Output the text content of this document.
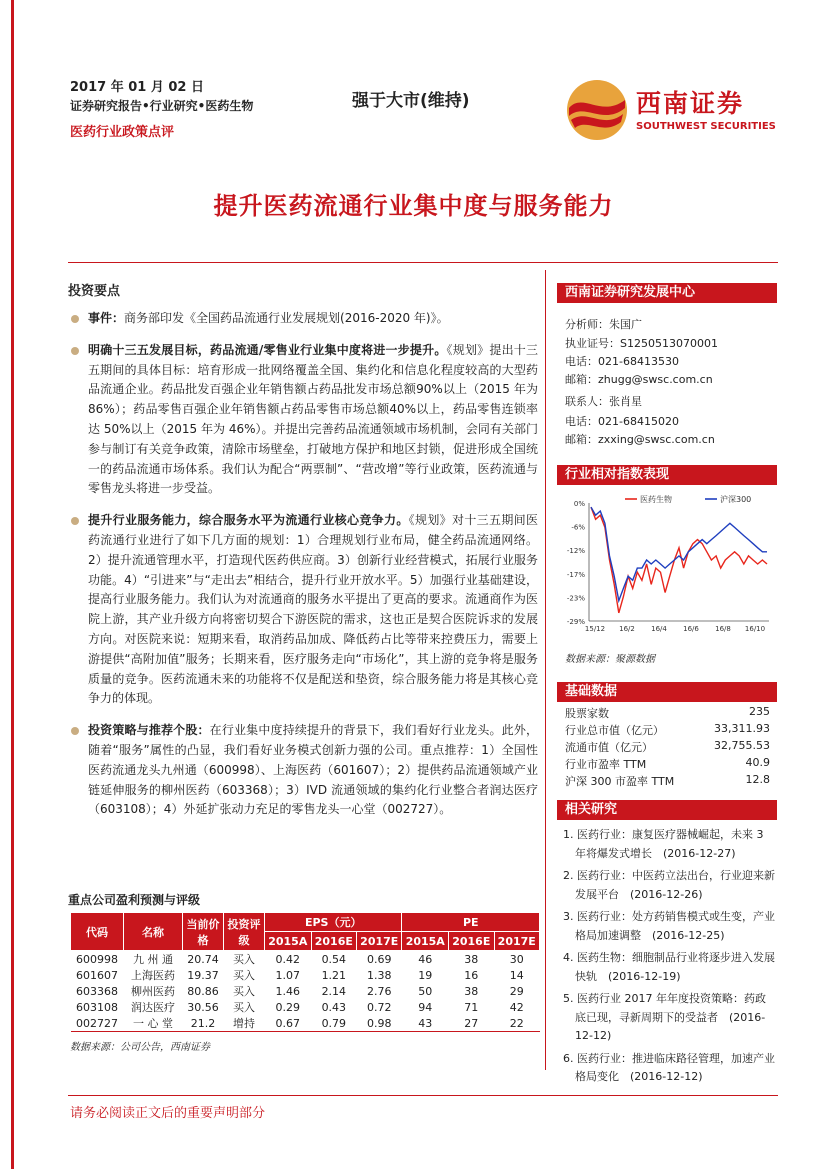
2017 年 01 月 02 日
证券研究报告•行业研究•医药生物
医药行业政策点评
强于大市(维持)	西南证券
SOUTHWEST SECURITIES
提升医药流通行业集中度与服务能力
投资要点
事件：商务部印发《全国药品流通行业发展规划(2016-2020 年)》。
明确十三五发展目标，药品流通/零售业行业集中度将进一步提升。《规划》提出十三五期间的具体目标：培育形成一批网络覆盖全国、集约化和信息化程度较高的大型药品流通企业。药品批发百强企业年销售额占药品批发市场总额90%以上（2015 年为 86%）；药品零售百强企业年销售额占药品零售市场总额40%以上，药品零售连锁率达 50%以上（2015 年为 46%）。并提出完善药品流通领域市场机制，会同有关部门参与制订有关竞争政策，清除市场壁垒，打破地方保护和地区封锁，促进形成全国统一的药品流通市场体系。我们认为配合“两票制”、“营改增”等行业政策，医药流通与零售龙头将进一步受益。
提升行业服务能力，综合服务水平为流通行业核心竞争力。《规划》对十三五期间医药流通行业进行了如下几方面的规划：1）合理规划行业布局，健全药品流通网络。2）提升流通管理水平，打造现代医药供应商。3）创新行业经营模式，拓展行业服务功能。4）“引进来”与“走出去”相结合，提升行业开放水平。5）加强行业基础建设，提高行业服务能力。我们认为对流通商的服务水平提出了更高的要求。流通商作为医院上游，其产业升级方向将密切契合下游医院的需求，这也正是契合医院诉求的发展方向。对医院来说：短期来看，取消药品加成、降低药占比等带来控费压力，需要上游提供“高附加值”服务；长期来看，医疗服务走向“市场化”，其上游的竞争将是服务质量的竞争。医药流通未来的功能将不仅是配送和垫资，综合服务能力将是其核心竞争力的体现。
投资策略与推荐个股：在行业集中度持续提升的背景下，我们看好行业龙头。此外，随着“服务”属性的凸显，我们看好业务模式创新力强的公司。重点推荐：1）全国性医药流通龙头九州通（600998）、上海医药（601607）；2）提供药品流通领域产业链延伸服务的柳州医药（603368）；3）IVD 流通领域的集约化行业整合者润达医疗（603108）；4）外延扩张动力充足的零售龙头一心堂（002727）。
重点公司盈利预测与评级
代码	名称	当前价格	投资评级	EPS（元）			PE		
				2015A	2016E	2017E	2015A	2016E	2017E
600998	九 州 通	20.74	买入	0.42	0.54	0.69	46	38	30
601607	上海医药	19.37	买入	1.07	1.21	1.38	19	16	14
603368	柳州医药	80.86	买入	1.46	2.14	2.76	50	38	29
603108	润达医疗	30.56	买入	0.29	0.43	0.72	94	71	42
002727	一 心 堂	21.2	增持	0.67	0.79	0.98	43	27	22
数据来源：公司公告，西南证券
西南证券研究发展中心
分析师：朱国广
执业证号：S1250513070001
电话：021-68413530
邮箱：zhugg@swsc.com.cn
联系人：张肖星
电话：021-68415020
邮箱：zxxing@swsc.com.cn
行业相对指数表现
0%
-6%
-12%
-17%
-23%
-29%
15/12 16/2 16/4 16/6 16/8 16/10
医药生物	沪深300
数据来源：聚源数据
基础数据
股票家数	235
行业总市值（亿元）	33,311.93
流通市值（亿元）	32,755.53
行业市盈率 TTM	40.9
沪深 300 市盈率 TTM	12.8
相关研究
1. 医药行业：康复医疗器械崛起，未来 3 年将爆发式增长　(2016-12-27)
2. 医药行业：中医药立法出台，行业迎来新发展平台　(2016-12-26)
3. 医药行业：处方药销售模式或生变，产业格局加速调整　(2016-12-25)
4. 医药生物：细胞制品行业将逐步进入发展快轨　(2016-12-19)
5. 医药行业 2017 年年度投资策略：药政底已现，寻新周期下的受益者　(2016-12-12)
6. 医药行业：推进临床路径管理，加速产业格局变化　(2016-12-12)
请务必阅读正文后的重要声明部分
